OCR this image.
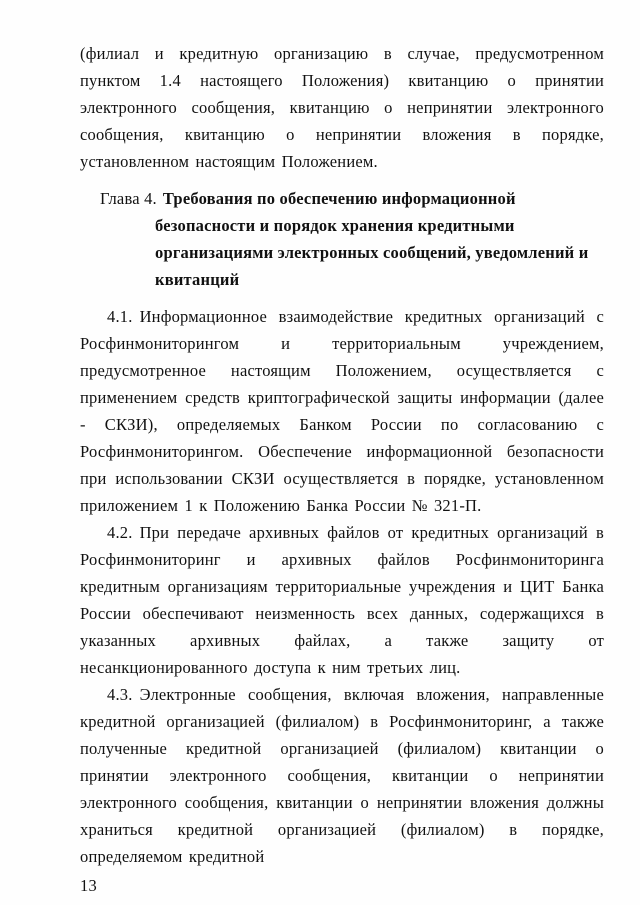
(филиал и кредитную организацию в случае, предусмотренном пунктом 1.4 настоящего Положения) квитанцию о принятии электронного сообщения, квитанцию о непринятии электронного сообщения, квитанцию о непринятии вложения в порядке, установленном настоящим Положением.

Глава 4. Требования по обеспечению информационной безопасности и порядок хранения кредитными организациями электронных сообщений, уведомлений и квитанций

4.1. Информационное взаимодействие кредитных организаций с Росфинмониторингом и территориальным учреждением, предусмотренное настоящим Положением, осуществляется с применением средств криптографической защиты информации (далее - СКЗИ), определяемых Банком России по согласованию с Росфинмониторингом. Обеспечение информационной безопасности при использовании СКЗИ осуществляется в порядке, установленном приложением 1 к Положению Банка России № 321-П.

4.2. При передаче архивных файлов от кредитных организаций в Росфинмониторинг и архивных файлов Росфинмониторинга кредитным организациям территориальные учреждения и ЦИТ Банка России обеспечивают неизменность всех данных, содержащихся в указанных архивных файлах, а также защиту от несанкционированного доступа к ним третьих лиц.

4.3. Электронные сообщения, включая вложения, направленные кредитной организацией (филиалом) в Росфинмониторинг, а также полученные кредитной организацией (филиалом) квитанции о принятии электронного сообщения, квитанции о непринятии электронного сообщения, квитанции о непринятии вложения должны храниться кредитной организацией (филиалом) в порядке, определяемом кредитной

13
